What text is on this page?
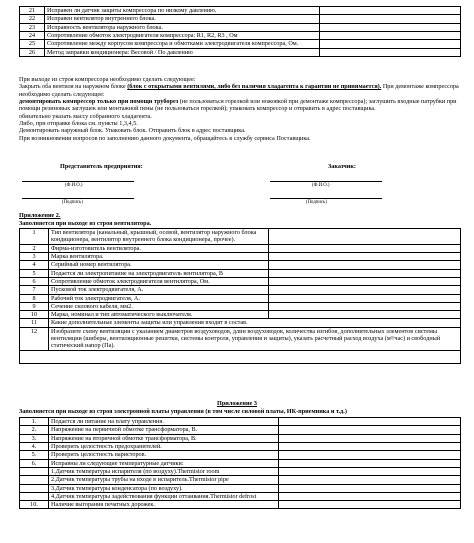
21	Исправен ли датчик защиты компрессора по низкому давлению.	
22	Исправен вентилятор внутреннего блока.	
23	Исправность вентилятора наружного блока.	
24	Сопротивление обмоток электродвигателя компрессора: R1, R2, R3 , Ом	
25	Сопротивление между корпусом компрессора и обмотками электродвигателя компрессора, Ом.	
26	Метод заправки кондиционера: Весовой / По давлению	

При выходе из строя компрессора необходимо сделать следующее:

Закрыть оба вентиля на наружном блоке (блок с открытыми вентилями, либо без наличия хладагента к гарантии не принимается). При демонтаже компрессора необходимо сделать следующее:

демонтировать компрессор только при помощи труборез (не пользоваться горелкой или ножовкой при демонтаже компрессора); заглушить входные патрубки при помощи резиновых заглушек или монтажной пены (не пользоваться горелкой); упаковать компрессор и отправить в адрес поставщика.

обязательно указать массу собранного хладагента.

Либо, при отправке блока см. пункты 1,3,4,5.

Демонтировать наружный блок. Упаковать блок. Отправить блок в адрес поставщика.

При возникновении вопросов по заполнению данного документа, обращайтесь в службу сервиса Поставщика.

Представитель предприятия:	Заказчик:
(Ф.И.О.)	(Ф.И.О.)
(Подпись)	(Подпись)
Приложение 2.
Заполняется при выходе из строя вентилятора.
1	Тип вентилятора (канальный, крышный, осевой, вентилятор наружного блока кондиционера, вентилятор внутреннего блока кондиционера, прочее).	
2	Фирма-изготовитель вентилятора.	
3	Марка вентилятора.	
4	Серийный номер вентилятора.	
5	Подается ли электропитание на электродвигатель вентилятора, В	
6	Сопротивление обмоток электродвигателя вентилятора, Ом.	
7	Пусковой ток электродвигателя, А.	
8	Рабочий ток электродвигателя, А.	
9	Сечение силового кабеля, мм2.	
10	Марка, номинал и тип автоматического выключателя.	
11	Какие дополнительные элементы защиты или управления входят в состав.	
12	Изобразите схему вентиляции с указанием диаметров воздуховодов, длин воздуховодов, количества изгибов, дополнительных элементов системы вентиляции (шиберы, вентиляционные решетки, системы контроля, управления и защиты), указать расчетный расход воздуха (м³/час) и свободный статический напор (Па).	

Приложение 3
Заполняется при выходе из строя электронной платы управления (в том числе силовой платы, ИК-приемника и т.д.)
1.	Подается ли питание на плату управления.	
2.	Напряжение на первичной обмотке трансформатора, В.	
3.	Напряжение на вторичной обмотке трансформатора, В.	
4.	Проверить целостность предохранителей.	
5.	Проверить целостность варисторов.	
6.	Исправны ли следующие температурные датчики:	
	1.Датчик температуры испарителя (по воздуху).Thermistor room	
	2.Датчик температуры трубы на входе в испаритель.Thermistor pipe	
	3.Датчик температуры конденсатора (по воздуху).	
	4.Датчик температуры задействования функции оттаивания.Thermistor defrost	
10.	Наличие выгорания печатных дорожек.	
